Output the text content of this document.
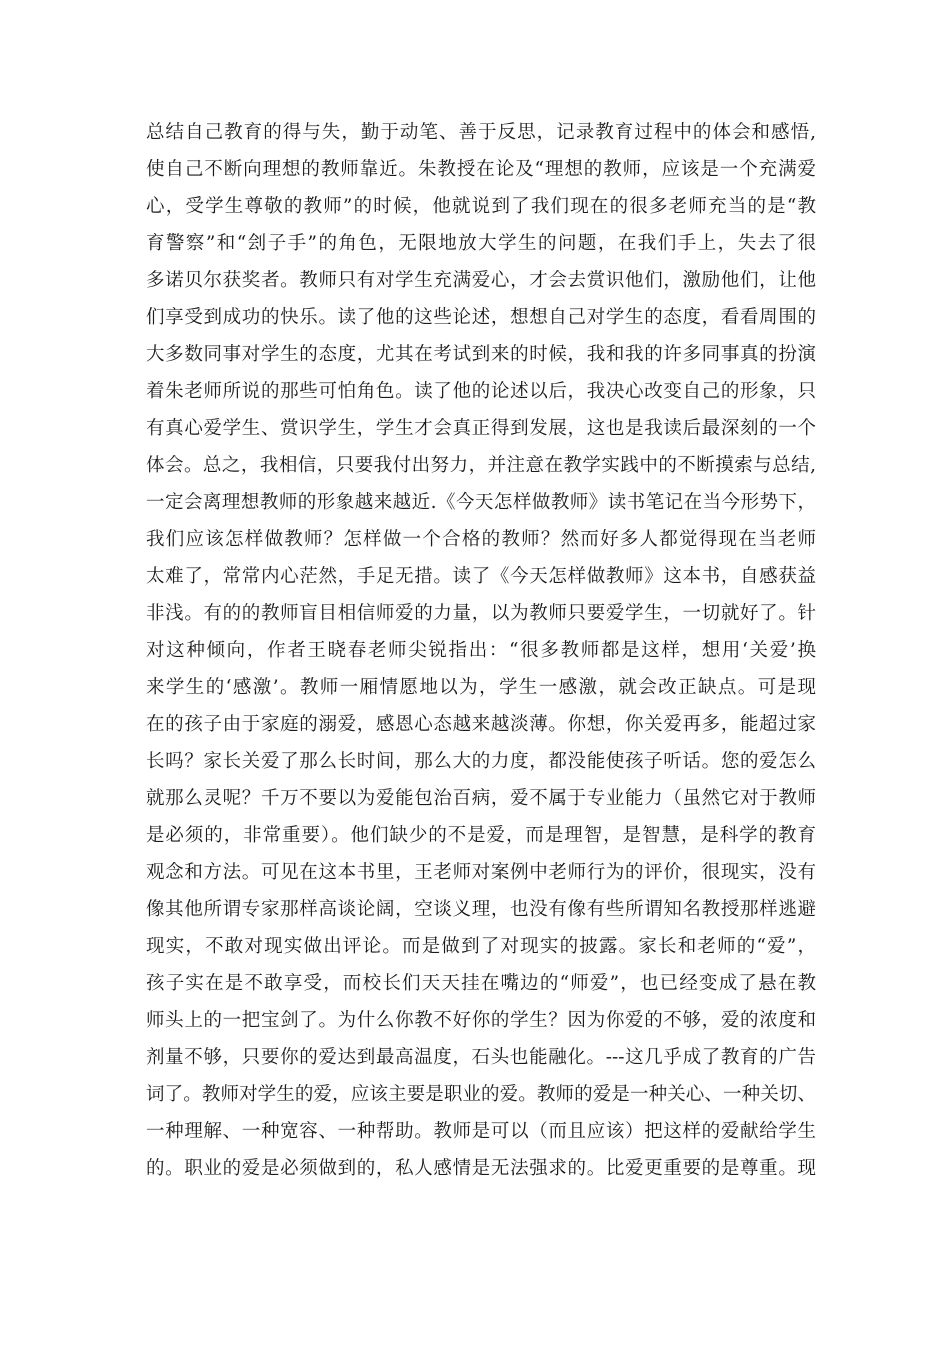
总结自己教育的得与失，勤于动笔、善于反思，记录教育过程中的体会和感悟,
使自己不断向理想的教师靠近。朱教授在论及“理想的教师，应该是一个充满爱
心，受学生尊敬的教师”的时候，他就说到了我们现在的很多老师充当的是“教
育警察”和“刽子手”的角色，无限地放大学生的问题，在我们手上，失去了很
多诺贝尔获奖者。教师只有对学生充满爱心，才会去赏识他们，激励他们，让他
们享受到成功的快乐。读了他的这些论述，想想自己对学生的态度，看看周围的
大多数同事对学生的态度，尤其在考试到来的时候，我和我的许多同事真的扮演
着朱老师所说的那些可怕角色。读了他的论述以后，我决心改变自己的形象，只
有真心爱学生、赏识学生，学生才会真正得到发展，这也是我读后最深刻的一个
体会。总之，我相信，只要我付出努力，并注意在教学实践中的不断摸索与总结,
一定会离理想教师的形象越来越近.《今天怎样做教师》读书笔记在当今形势下，
我们应该怎样做教师？怎样做一个合格的教师？然而好多人都觉得现在当老师
太难了，常常内心茫然，手足无措。读了《今天怎样做教师》这本书，自感获益
非浅。有的的教师盲目相信师爱的力量，以为教师只要爱学生，一切就好了。针
对这种倾向，作者王晓春老师尖锐指出：“很多教师都是这样，想用‘关爱’换
来学生的‘感激’。教师一厢情愿地以为，学生一感激，就会改正缺点。可是现
在的孩子由于家庭的溺爱，感恩心态越来越淡薄。你想，你关爱再多，能超过家
长吗？家长关爱了那么长时间，那么大的力度，都没能使孩子听话。您的爱怎么
就那么灵呢？千万不要以为爱能包治百病，爱不属于专业能力（虽然它对于教师
是必须的，非常重要）。他们缺少的不是爱，而是理智，是智慧，是科学的教育
观念和方法。可见在这本书里，王老师对案例中老师行为的评价，很现实，没有
像其他所谓专家那样高谈论阔，空谈义理，也没有像有些所谓知名教授那样逃避
现实，不敢对现实做出评论。而是做到了对现实的披露。家长和老师的“爱”，
孩子实在是不敢享受，而校长们天天挂在嘴边的“师爱”，也已经变成了悬在教
师头上的一把宝剑了。为什么你教不好你的学生？因为你爱的不够，爱的浓度和
剂量不够，只要你的爱达到最高温度，石头也能融化。---这几乎成了教育的广告
词了。教师对学生的爱，应该主要是职业的爱。教师的爱是一种关心、一种关切、
一种理解、一种宽容、一种帮助。教师是可以（而且应该）把这样的爱献给学生
的。职业的爱是必须做到的，私人感情是无法强求的。比爱更重要的是尊重。现
